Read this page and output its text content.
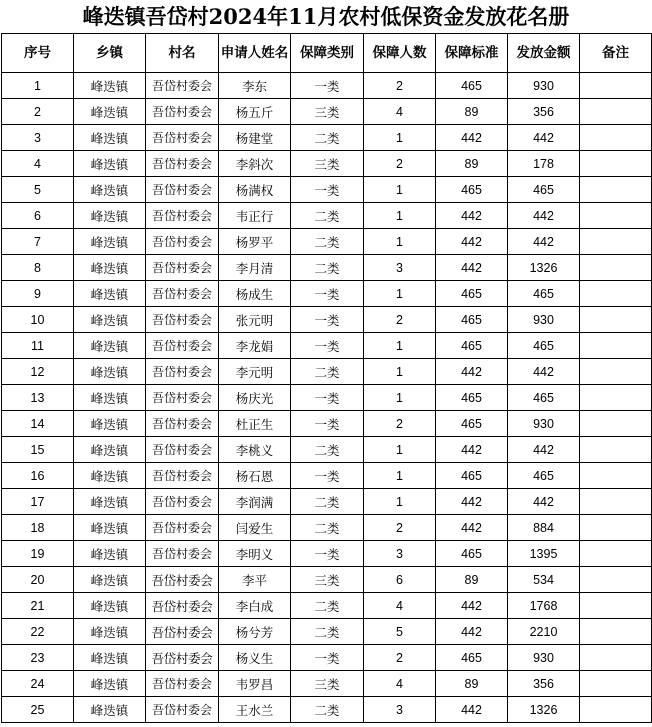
峰迭镇吾岱村2024年11月农村低保资金发放花名册
序号	乡镇	村名	申请人姓名	保障类别	保障人数	保障标准	发放金额	备注
1	峰迭镇	吾岱村委会	李东	一类	2	465	930	
2	峰迭镇	吾岱村委会	杨五斤	三类	4	89	356	
3	峰迭镇	吾岱村委会	杨建堂	二类	1	442	442	
4	峰迭镇	吾岱村委会	李斜次	三类	2	89	178	
5	峰迭镇	吾岱村委会	杨满权	一类	1	465	465	
6	峰迭镇	吾岱村委会	韦正行	二类	1	442	442	
7	峰迭镇	吾岱村委会	杨罗平	二类	1	442	442	
8	峰迭镇	吾岱村委会	李月清	二类	3	442	1326	
9	峰迭镇	吾岱村委会	杨成生	一类	1	465	465	
10	峰迭镇	吾岱村委会	张元明	一类	2	465	930	
11	峰迭镇	吾岱村委会	李龙娟	一类	1	465	465	
12	峰迭镇	吾岱村委会	李元明	二类	1	442	442	
13	峰迭镇	吾岱村委会	杨庆光	一类	1	465	465	
14	峰迭镇	吾岱村委会	杜正生	一类	2	465	930	
15	峰迭镇	吾岱村委会	李桃义	二类	1	442	442	
16	峰迭镇	吾岱村委会	杨石恩	一类	1	465	465	
17	峰迭镇	吾岱村委会	李润满	二类	1	442	442	
18	峰迭镇	吾岱村委会	闫爱生	二类	2	442	884	
19	峰迭镇	吾岱村委会	李明义	一类	3	465	1395	
20	峰迭镇	吾岱村委会	李平	三类	6	89	534	
21	峰迭镇	吾岱村委会	李白成	二类	4	442	1768	
22	峰迭镇	吾岱村委会	杨兮芳	二类	5	442	2210	
23	峰迭镇	吾岱村委会	杨义生	一类	2	465	930	
24	峰迭镇	吾岱村委会	韦罗昌	三类	4	89	356	
25	峰迭镇	吾岱村委会	王水兰	二类	3	442	1326	
